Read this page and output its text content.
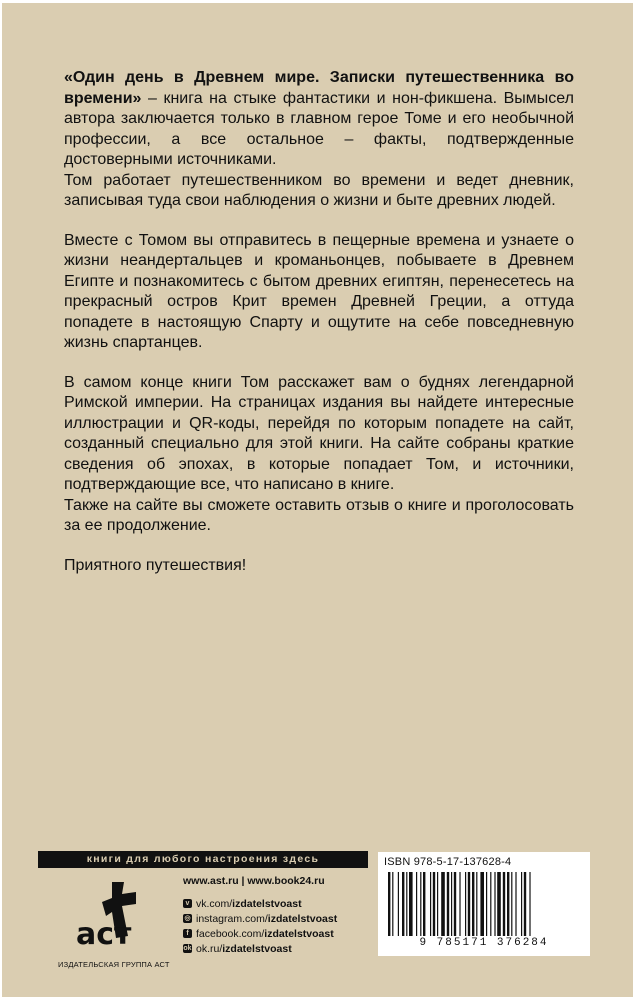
«Один день в Древнем мире. Записки путешественника во времени» – книга на стыке фантастики и нон-фикшена. Вымысел автора заключается только в главном герое Томе и его необычной профессии, а все остальное – факты, подтвержденные достоверными источниками.

Том работает путешественником во времени и ведет дневник, записывая туда свои наблюдения о жизни и быте древних людей.

Вместе с Томом вы отправитесь в пещерные времена и узнаете о жизни неандертальцев и кроманьонцев, побываете в Древнем Египте и познакомитесь с бытом древних египтян, перенесетесь на прекрасный остров Крит времен Древней Греции, а оттуда попадете в настоящую Спарту и ощутите на себе повседневную жизнь спартанцев.

В самом конце книги Том расскажет вам о буднях легендарной Римской империи. На страницах издания вы найдете интересные иллюстрации и QR-коды, перейдя по которым попадете на сайт, созданный специально для этой книги. На сайте собраны краткие сведения об эпохах, в которые попадает Том, и источники, подтверждающие все, что написано в книге.

Также на сайте вы сможете оставить отзыв о книге и проголосовать за ее продолжение.

Приятного путешествия!

книги для любого настроения здесь
аст
ИЗДАТЕЛЬСКАЯ ГРУППА АСТ
www.ast.ru | www.book24.ru
v vk.com/ izdatelstvoast
◎ instagram.com/ izdatelstvoast
f facebook.com/ izdatelstvoast
ok ok.ru/ izdatelstvoast
ISBN 978-5-17-137628-4
9 785171 376284
